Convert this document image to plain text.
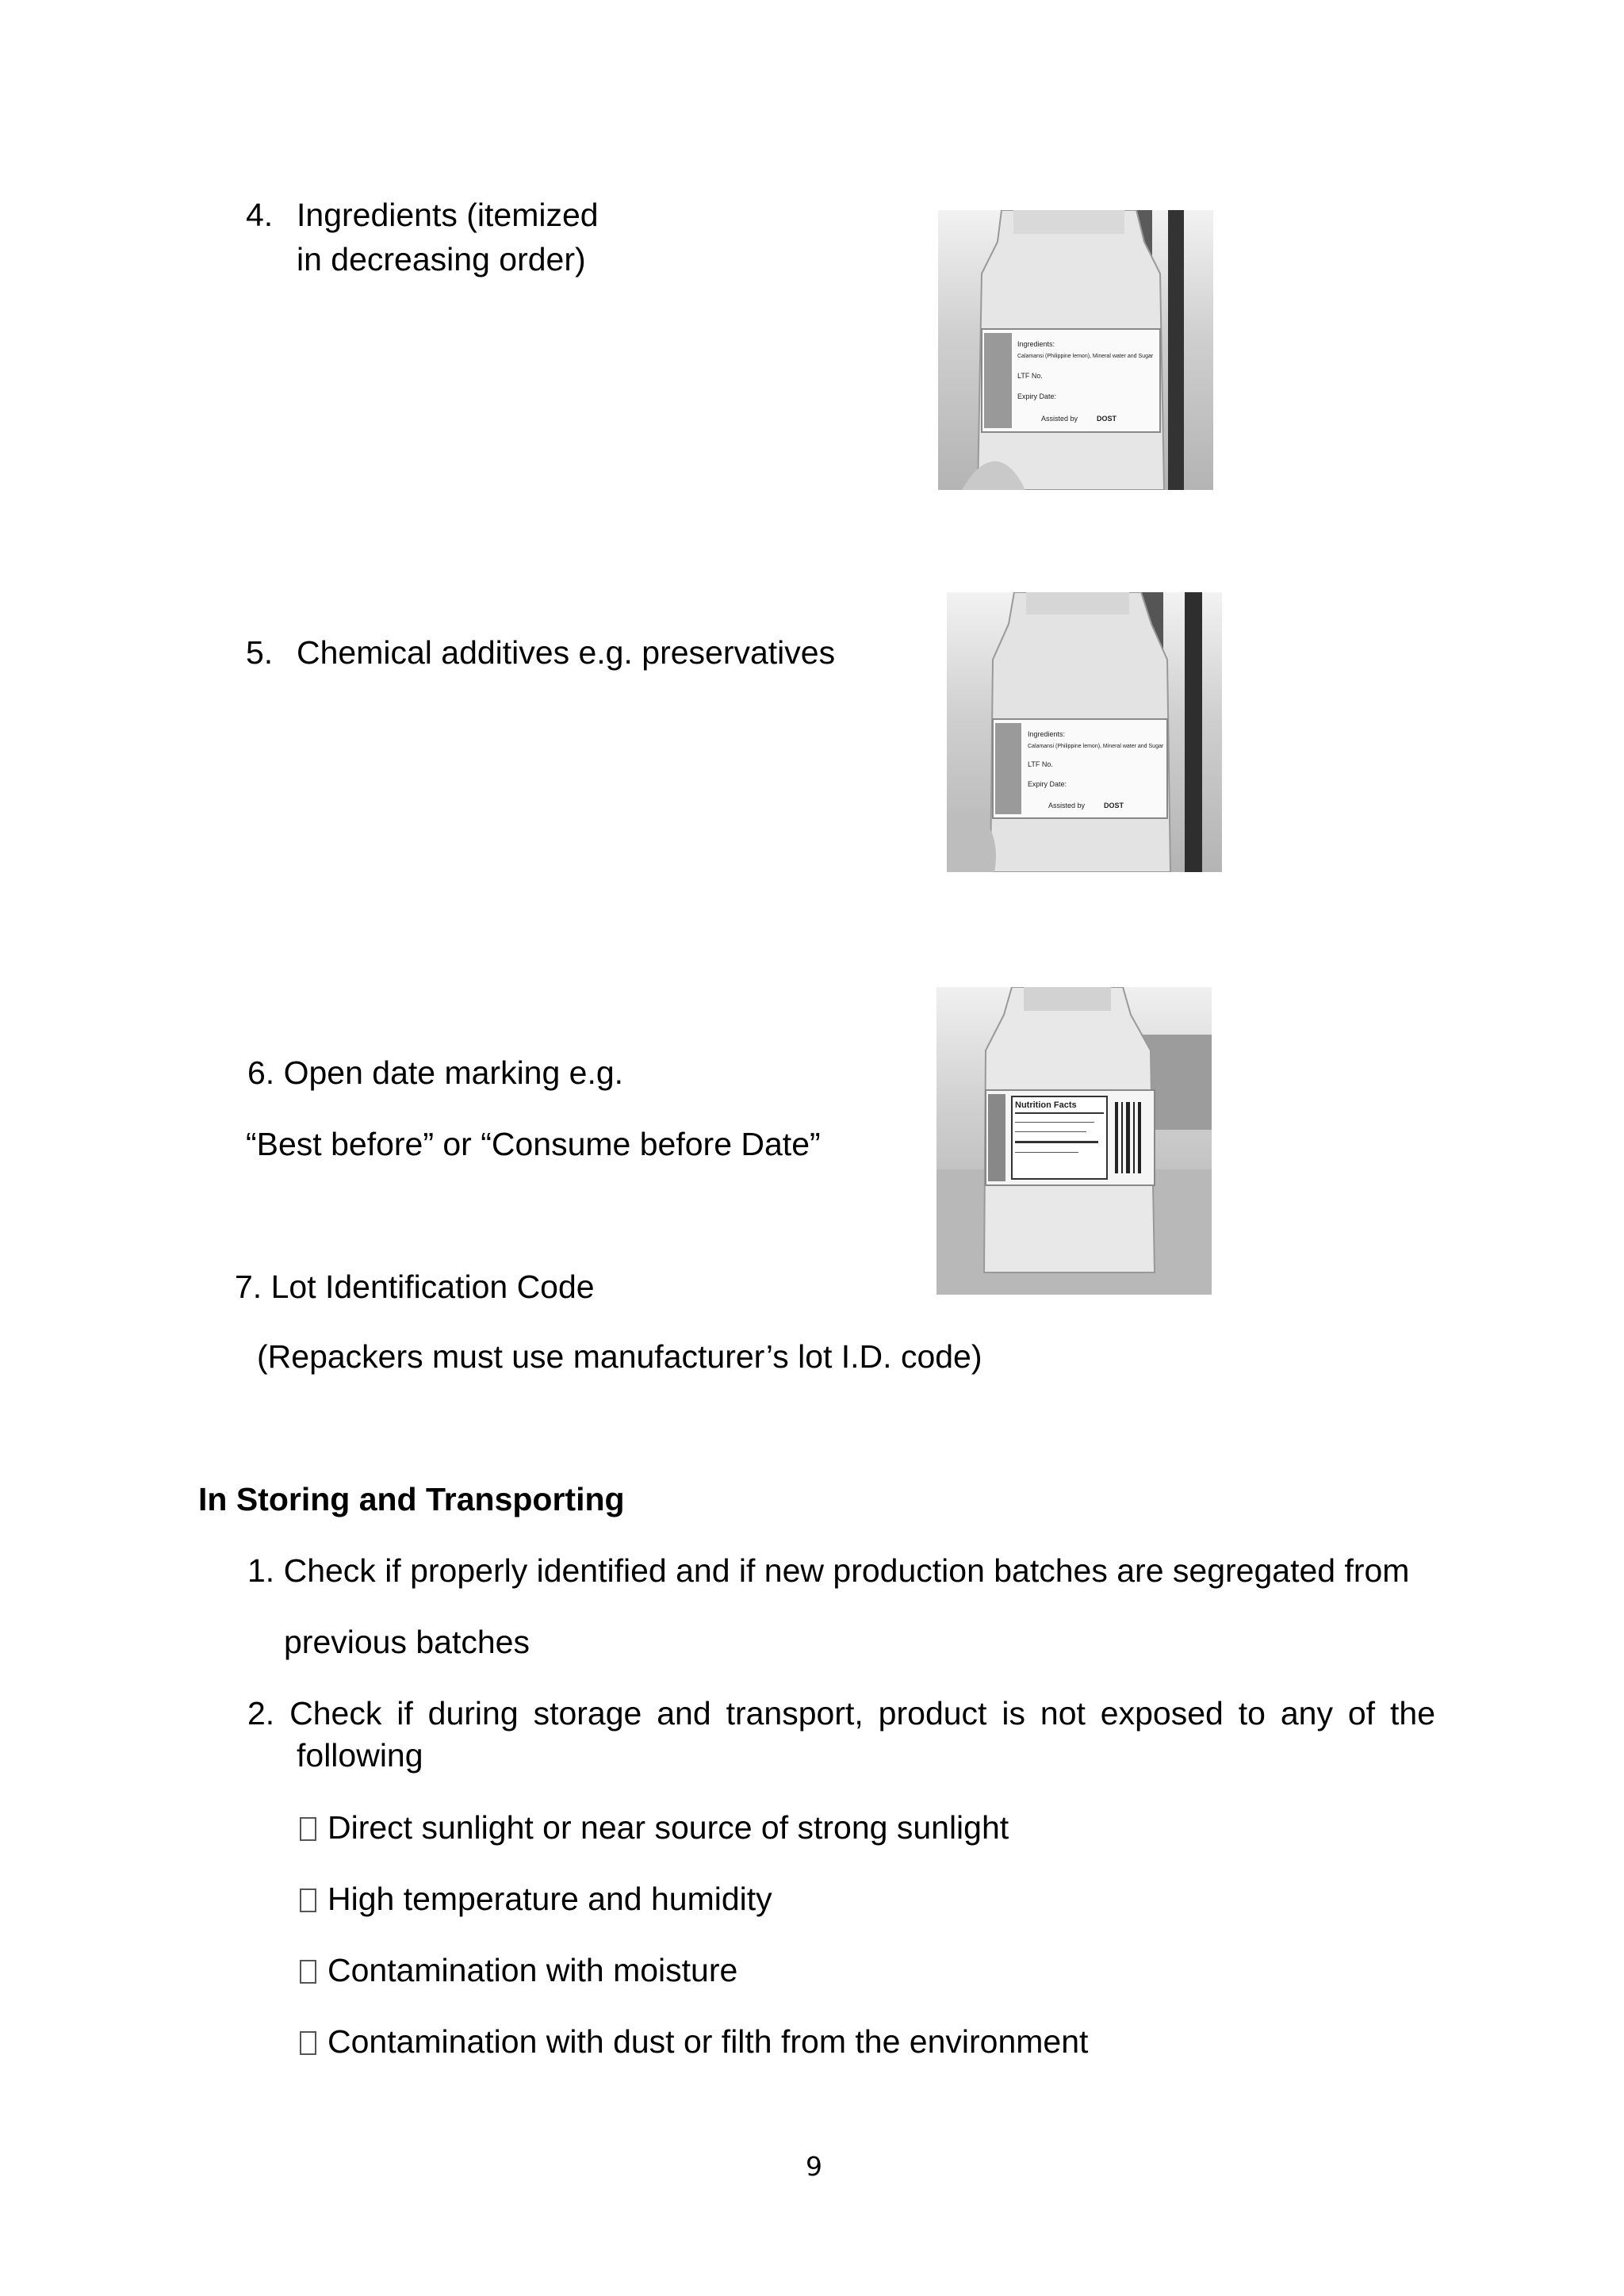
4. Ingredients (itemized
in decreasing order)
Ingredients:
Calamansi (Philippine lemon), Mineral water and Sugar
LTF No.
Expiry Date:
Assisted by	DOST
5. Chemical additives e.g. preservatives
Ingredients:
Calamansi (Philippine lemon), Mineral water and Sugar
LTF No.
Expiry Date:
Assisted by	DOST
6. Open date marking e.g.
“Best before” or “Consume before Date”
Nutrition Facts
7. Lot Identification Code
(Repackers must use manufacturer’s lot I.D. code)
In Storing and Transporting
1. Check if properly identified and if new production batches are segregated from
previous batches
2. Check if during storage and transport, product is not exposed to any of the following
Direct sunlight or near source of strong sunlight
High temperature and humidity
Contamination with moisture
Contamination with dust or filth from the environment
9
